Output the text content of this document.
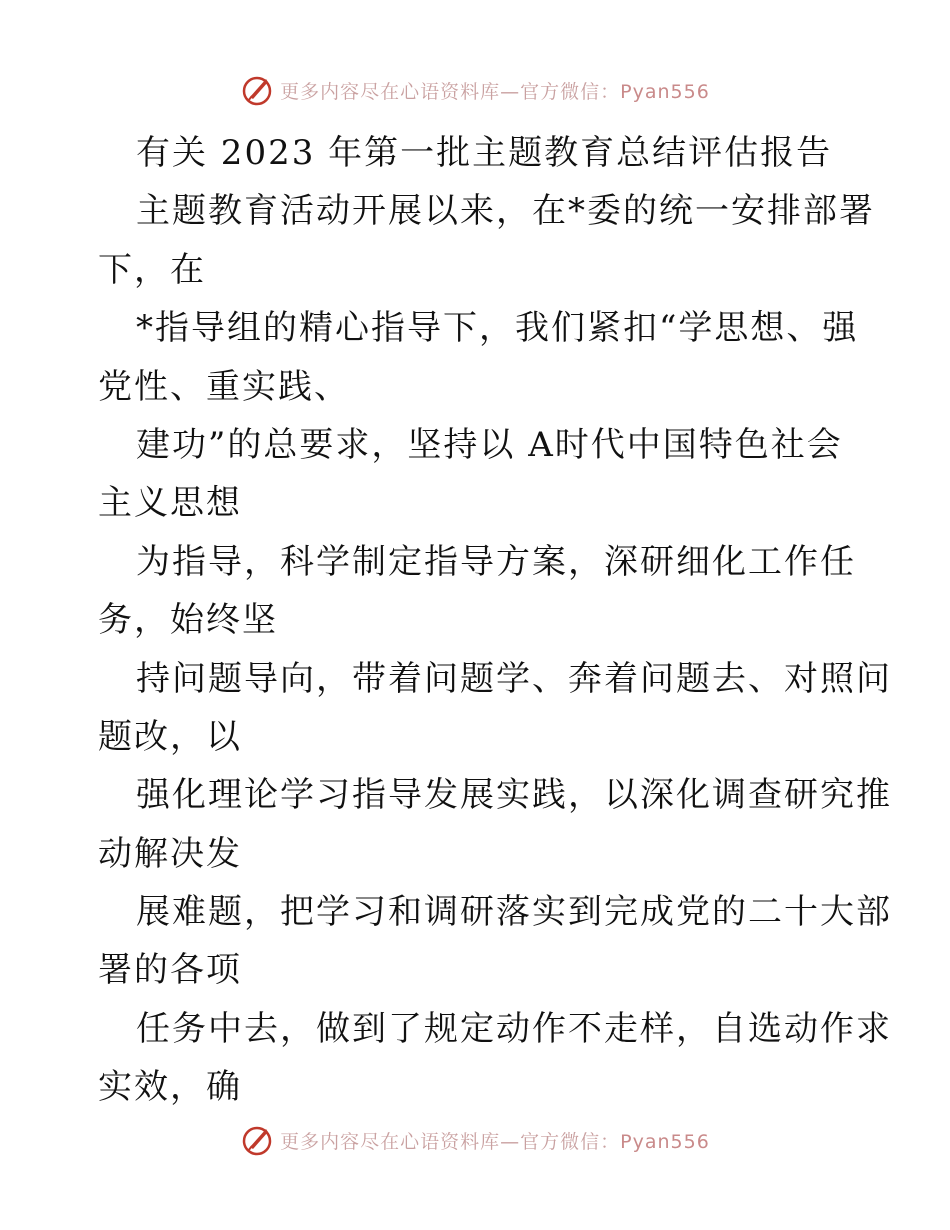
更多内容尽在心语资料库—官方微信：Pyan556
有关 2023 年第一批主题教育总结评估报告
主题教育活动开展以来，在*委的统一安排部署
下，在
*指导组的精心指导下，我们紧扣“学思想、强
党性、重实践、
建功”的总要求，坚持以 A时代中国特色社会
主义思想
为指导，科学制定指导方案，深研细化工作任
务，始终坚
持问题导向，带着问题学、奔着问题去、对照问
题改，以
强化理论学习指导发展实践，以深化调查研究推
动解决发
展难题，把学习和调研落实到完成党的二十大部
署的各项
任务中去，做到了规定动作不走样，自选动作求
实效，确
更多内容尽在心语资料库—官方微信：Pyan556
